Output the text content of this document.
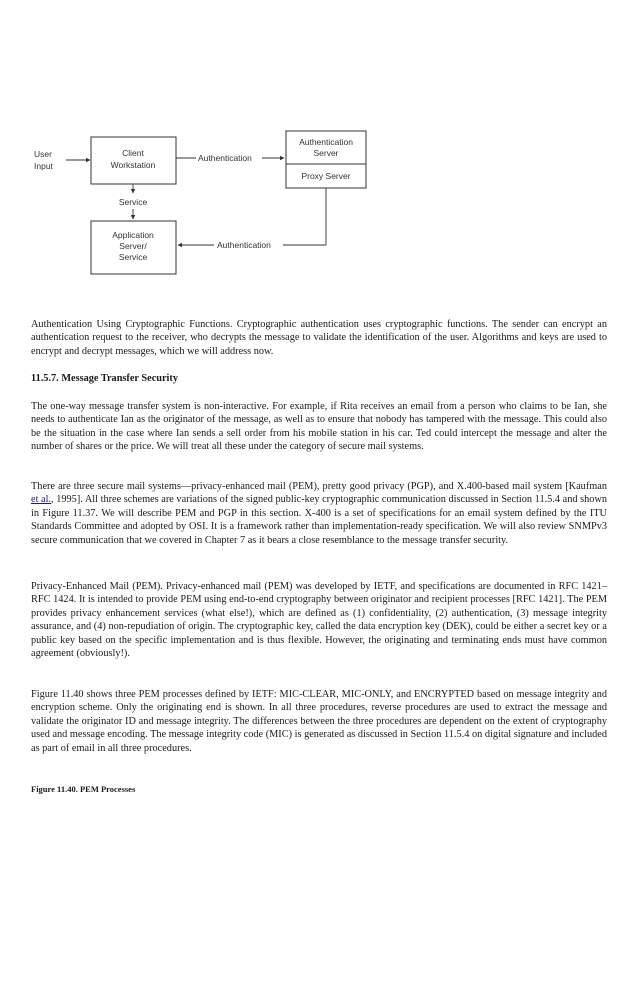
User
Input
Client
Workstation
Authentication
Authentication
Server
Proxy Server
Service
Application
Server/
Service
Authentication
Authentication Using Cryptographic Functions. Cryptographic authentication uses cryptographic functions. The sender can encrypt an authentication request to the receiver, who decrypts the message to validate the identification of the user. Algorithms and keys are used to encrypt and decrypt messages, which we will address now.
11.5.7. Message Transfer Security
The one-way message transfer system is non-interactive. For example, if Rita receives an email from a person who claims to be Ian, she needs to authenticate Ian as the originator of the message, as well as to ensure that nobody has tampered with the message. This could also be the situation in the case where Ian sends a sell order from his mobile station in his car. Ted could intercept the message and alter the number of shares or the price. We will treat all these under the category of secure mail systems.
There are three secure mail systems—privacy-enhanced mail (PEM), pretty good privacy (PGP), and X.400-based mail system [Kaufman et al., 1995]. All three schemes are variations of the signed public-key cryptographic communication discussed in Section 11.5.4 and shown in Figure 11.37. We will describe PEM and PGP in this section. X-400 is a set of specifications for an email system defined by the ITU Standards Committee and adopted by OSI. It is a framework rather than implementation-ready specification. We will also review SNMPv3 secure communication that we covered in Chapter 7 as it bears a close resemblance to the message transfer security.
Privacy-Enhanced Mail (PEM). Privacy-enhanced mail (PEM) was developed by IETF, and specifications are documented in RFC 1421–RFC 1424. It is intended to provide PEM using end-to-end cryptography between originator and recipient processes [RFC 1421]. The PEM provides privacy enhancement services (what else!), which are defined as (1) confidentiality, (2) authentication, (3) message integrity assurance, and (4) non-repudiation of origin. The cryptographic key, called the data encryption key (DEK), could be either a secret key or a public key based on the specific implementation and is thus flexible. However, the originating and terminating ends must have common agreement (obviously!).
Figure 11.40 shows three PEM processes defined by IETF: MIC-CLEAR, MIC-ONLY, and ENCRYPTED based on message integrity and encryption scheme. Only the originating end is shown. In all three procedures, reverse procedures are used to extract the message and validate the originator ID and message integrity. The differences between the three procedures are dependent on the extent of cryptography used and message encoding. The message integrity code (MIC) is generated as discussed in Section 11.5.4 on digital signature and included as part of email in all three procedures.
Figure 11.40. PEM Processes
